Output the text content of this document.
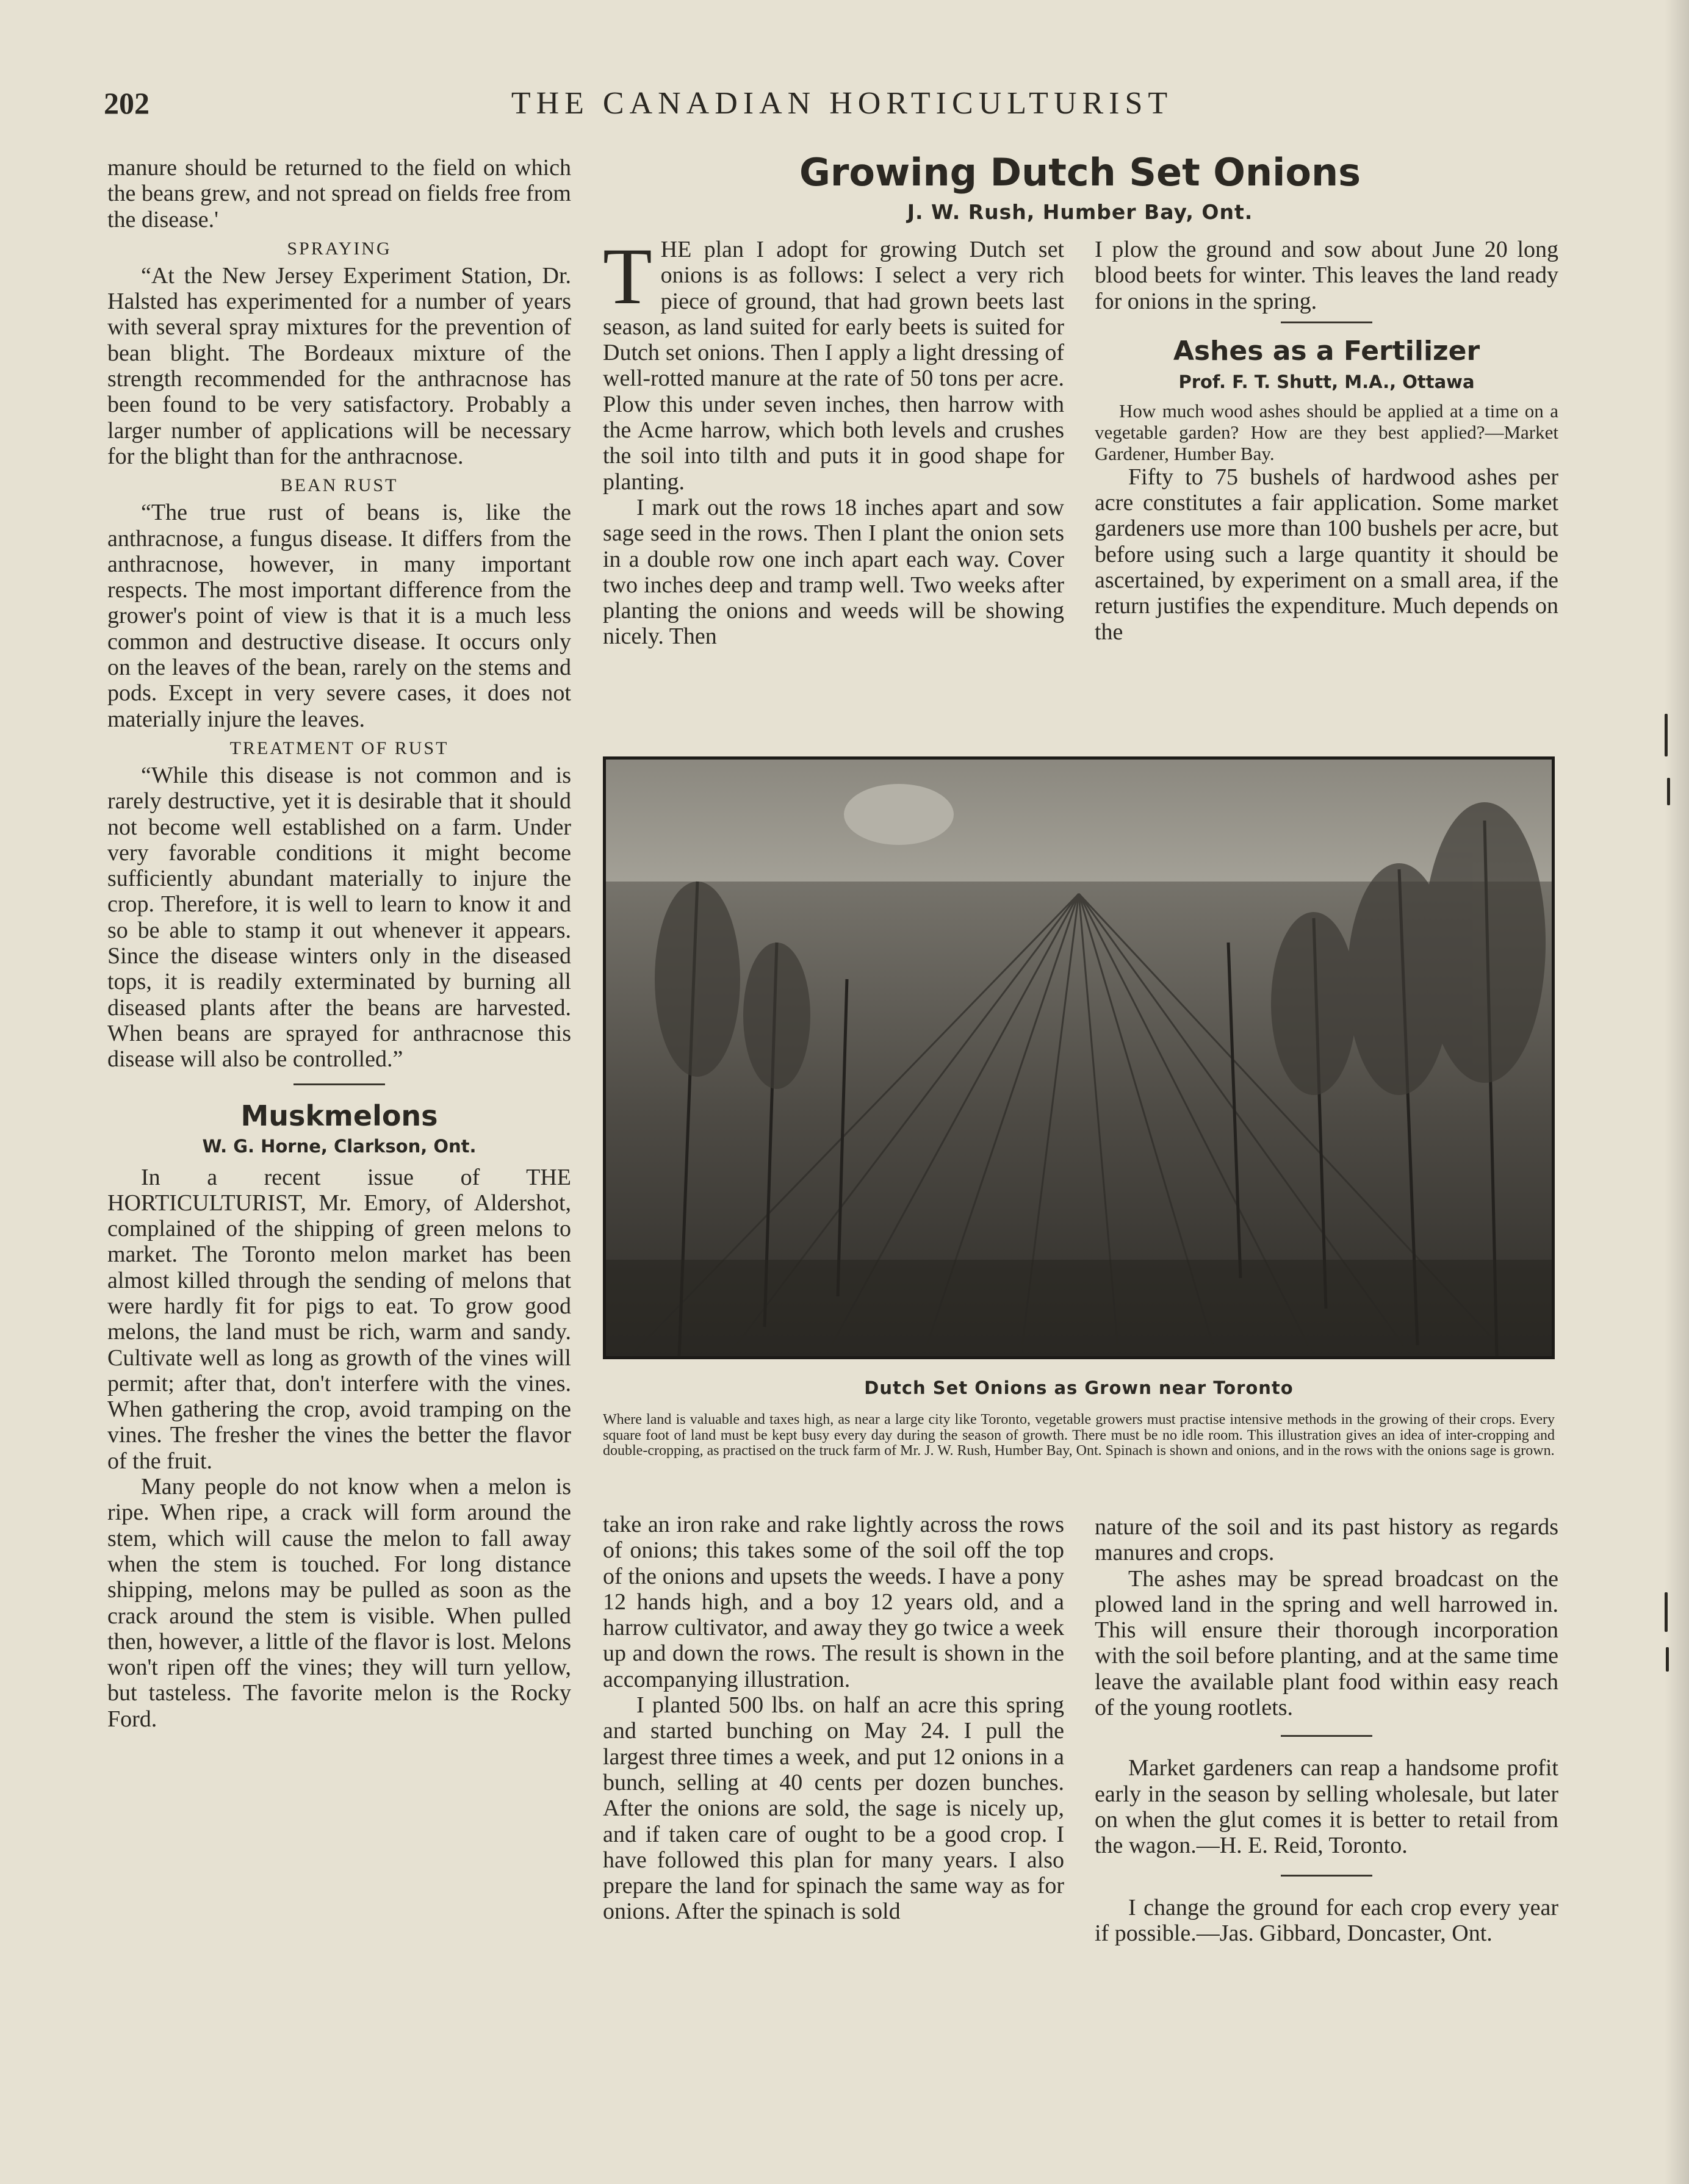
202	THE CANADIAN HORTICULTURIST

manure should be returned to the field on which the beans grew, and not spread on fields free from the disease.'

SPRAYING

“At the New Jersey Experiment Station, Dr. Halsted has experimented for a number of years with several spray mixtures for the prevention of bean blight. The Bordeaux mixture of the strength recommended for the anthracnose has been found to be very satisfactory. Probably a larger number of applications will be necessary for the blight than for the anthracnose.

BEAN RUST

“The true rust of beans is, like the anthracnose, a fungus disease. It differs from the anthracnose, however, in many important respects. The most important difference from the grower's point of view is that it is a much less common and destructive disease. It occurs only on the leaves of the bean, rarely on the stems and pods. Except in very severe cases, it does not materially injure the leaves.

TREATMENT OF RUST

“While this disease is not common and is rarely destructive, yet it is desirable that it should not become well established on a farm. Under very favorable conditions it might become sufficiently abundant materially to injure the crop. Therefore, it is well to learn to know it and so be able to stamp it out whenever it appears. Since the disease winters only in the diseased tops, it is readily exterminated by burning all diseased plants after the beans are harvested. When beans are sprayed for anthracnose this disease will also be controlled.”

Muskmelons
W. G. Horne, Clarkson, Ont.

In a recent issue of THE HORTICULTURIST, Mr. Emory, of Aldershot, complained of the shipping of green melons to market. The Toronto melon market has been almost killed through the sending of melons that were hardly fit for pigs to eat. To grow good melons, the land must be rich, warm and sandy. Cultivate well as long as growth of the vines will permit; after that, don't interfere with the vines. When gathering the crop, avoid tramping on the vines. The fresher the vines the better the flavor of the fruit.

Many people do not know when a melon is ripe. When ripe, a crack will form around the stem, which will cause the melon to fall away when the stem is touched. For long distance shipping, melons may be pulled as soon as the crack around the stem is visible. When pulled then, however, a little of the flavor is lost. Melons won't ripen off the vines; they will turn yellow, but tasteless. The favorite melon is the Rocky Ford.

Growing Dutch Set Onions
J. W. Rush, Humber Bay, Ont.

THE plan I adopt for growing Dutch set onions is as follows: I select a very rich piece of ground, that had grown beets last season, as land suited for early beets is suited for Dutch set onions. Then I apply a light dressing of well-rotted manure at the rate of 50 tons per acre. Plow this under seven inches, then harrow with the Acme harrow, which both levels and crushes the soil into tilth and puts it in good shape for planting.

I mark out the rows 18 inches apart and sow sage seed in the rows. Then I plant the onion sets in a double row one inch apart each way. Cover two inches deep and tramp well. Two weeks after planting the onions and weeds will be showing nicely. Then

I plow the ground and sow about June 20 long blood beets for winter. This leaves the land ready for onions in the spring.

Ashes as a Fertilizer
Prof. F. T. Shutt, M.A., Ottawa

How much wood ashes should be applied at a time on a vegetable garden? How are they best applied?—Market Gardener, Humber Bay.

Fifty to 75 bushels of hardwood ashes per acre constitutes a fair application. Some market gardeners use more than 100 bushels per acre, but before using such a large quantity it should be ascertained, by experiment on a small area, if the return justifies the expenditure. Much depends on the

Dutch Set Onions as Grown near Toronto
Where land is valuable and taxes high, as near a large city like Toronto, vegetable growers must practise intensive methods in the growing of their crops. Every square foot of land must be kept busy every day during the season of growth. There must be no idle room. This illustration gives an idea of inter-cropping and double-cropping, as practised on the truck farm of Mr. J. W. Rush, Humber Bay, Ont. Spinach is shown and onions, and in the rows with the onions sage is grown.

take an iron rake and rake lightly across the rows of onions; this takes some of the soil off the top of the onions and upsets the weeds. I have a pony 12 hands high, and a boy 12 years old, and a harrow cultivator, and away they go twice a week up and down the rows. The result is shown in the accompanying illustration.

I planted 500 lbs. on half an acre this spring and started bunching on May 24. I pull the largest three times a week, and put 12 onions in a bunch, selling at 40 cents per dozen bunches. After the onions are sold, the sage is nicely up, and if taken care of ought to be a good crop. I have followed this plan for many years. I also prepare the land for spinach the same way as for onions. After the spinach is sold

nature of the soil and its past history as regards manures and crops.

The ashes may be spread broadcast on the plowed land in the spring and well harrowed in. This will ensure their thorough incorporation with the soil before planting, and at the same time leave the available plant food within easy reach of the young rootlets.

Market gardeners can reap a handsome profit early in the season by selling wholesale, but later on when the glut comes it is better to retail from the wagon.—H. E. Reid, Toronto.

I change the ground for each crop every year if possible.—Jas. Gibbard, Doncaster, Ont.
